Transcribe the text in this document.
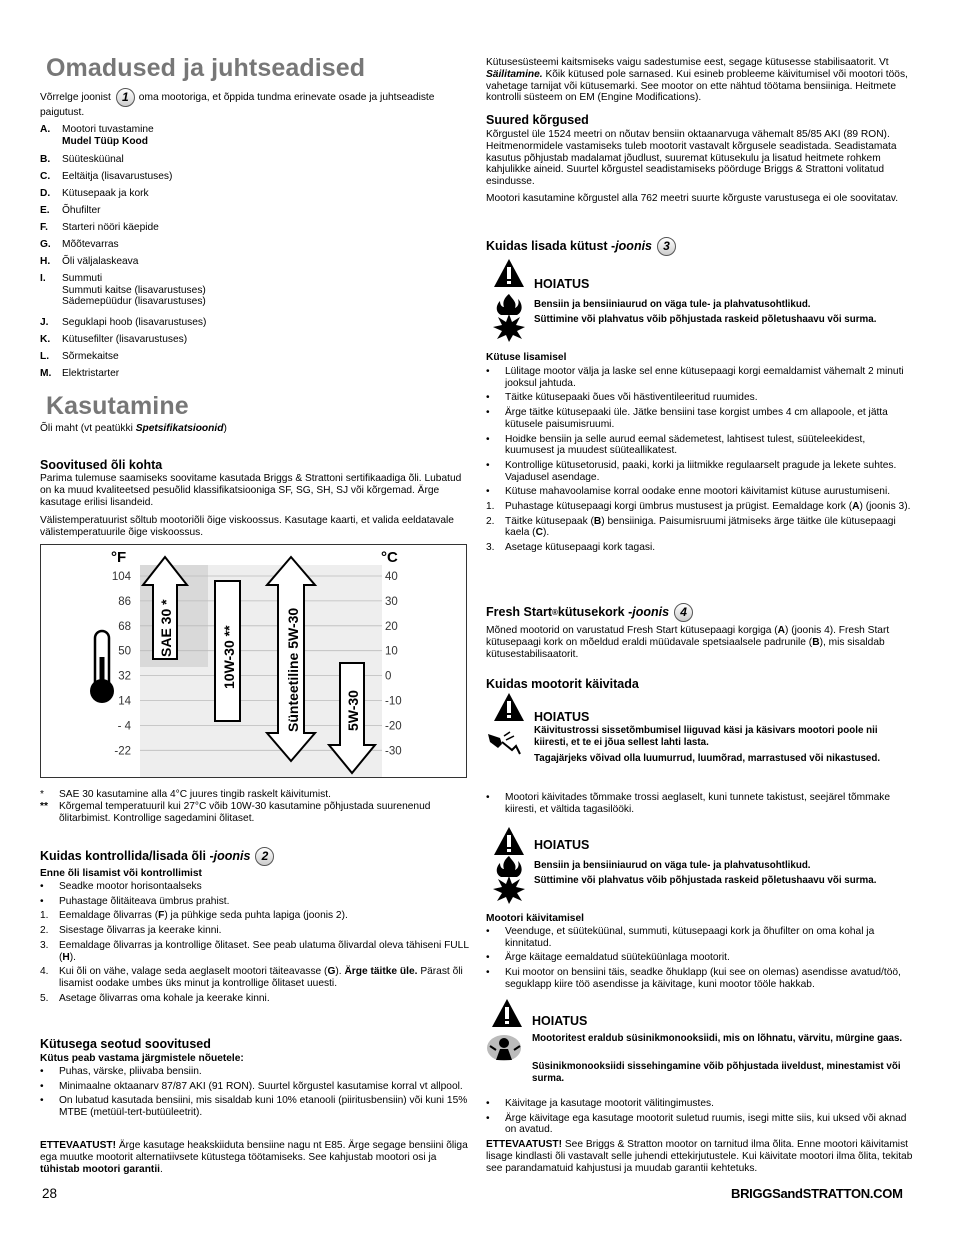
Omadused ja juhtseadised
Võrrelge joonist 1 oma mootoriga, et õppida tundma erinevate osade ja juhtseadiste paigutust.
A.	Mootori tuvastamine
Mudel Tüüp Kood
B.	Süütesküünal
C.	Eeltäitja (lisavarustuses)
D.	Kütusepaak ja kork
E.	Õhufilter
F.	Starteri nööri käepide
G.	Mõõtevarras
H.	Õli väljalaskeava
I.	Summuti
Summuti kaitse (lisavarustuses)
Sädemepüüdur (lisavarustuses)
J.	Seguklapi hoob (lisavarustuses)
K.	Kütusefilter (lisavarustuses)
L.	Sõrmekaitse
M.	Elektristarter
Kasutamine
Õli maht (vt peatükki Spetsifikatsioonid)
Soovitused õli kohta
Parima tulemuse saamiseks soovitame kasutada Briggs & Strattoni sertifikaadiga õli. Lubatud on ka muud kvaliteetsed pesuõlid klassifikatsiooniga SF, SG, SH, SJ või kõrgemad. Ärge kasutage erilisi lisandeid.
Välistemperatuurist sõltub mootoriõli õige viskoossus. Kasutage kaarti, et valida eeldatavale välistemperatuurile õige viskoossus.
104
86
68
50
32
14
- 4
-22
40
30
20
10
0
-10
-20
-30
°F	°C
SAE 30 *	10W-30 **	Sünteetiline 5W-30	5W-30
* SAE 30 kasutamine alla 4°C juures tingib raskelt käivitumist.
**	Kõrgemal temperatuuril kui 27°C võib 10W-30 kasutamine põhjustada suurenenud õlitarbimist. Kontrollige sagedamini õlitaset.
Kuidas kontrollida/lisada õli - joonis 2
Enne õli lisamist või kontrollimist
•	Seadke mootor horisontaalseks
•	Puhastage õlitäiteava ümbrus prahist.
1.	Eemaldage õlivarras (F) ja pühkige seda puhta lapiga (joonis 2).
2.	Sisestage õlivarras ja keerake kinni.
3.	Eemaldage õlivarras ja kontrollige õlitaset. See peab ulatuma õlivardal oleva tähiseni FULL (H).
4.	Kui õli on vähe, valage seda aeglaselt mootori täiteavasse (G). Ärge täitke üle. Pärast õli lisamist oodake umbes üks minut ja kontrollige õlitaset uuesti.
5.	Asetage õlivarras oma kohale ja keerake kinni.
Kütusega seotud soovitused
Kütus peab vastama järgmistele nõuetele:
•	Puhas, värske, pliivaba bensiin.
•	Minimaalne oktaanarv 87/87 AKI (91 RON). Suurtel kõrgustel kasutamise korral vt allpool.
•	On lubatud kasutada bensiini, mis sisaldab kuni 10% etanooli (piiritusbensiin) või kuni 15% MTBE (metüül-tert-butüüleetrit).
ETTEVAATUST! Ärge kasutage heakskiiduta bensiine nagu nt E85. Ärge segage bensiini õliga ega muutke mootorit alternatiivsete kütustega töötamiseks. See kahjustab mootori osi ja tühistab mootori garantii.
Kütusesüsteemi kaitsmiseks vaigu sadestumise eest, segage kütusesse stabilisaatorit. Vt Säilitamine. Kõik kütused pole sarnased. Kui esineb probleeme käivitumisel või mootori töös, vahetage tarnijat või kütusemarki. See mootor on ette nähtud töötama bensiiniga. Heitmete kontrolli süsteem on EM (Engine Modifications).
Suured kõrgused
Kõrgustel üle 1524 meetri on nõutav bensiin oktaanarvuga vähemalt 85/85 AKI (89 RON). Heitmenormidele vastamiseks tuleb mootorit vastavalt kõrgusele seadistada. Seadistamata kasutus põhjustab madalamat jõudlust, suuremat kütusekulu ja lisatud heitmete rohkem kahjulikke aineid. Suurtel kõrgustel seadistamiseks pöörduge Briggs & Strattoni volitatud esindusse.
Mootori kasutamine kõrgustel alla 762 meetri suurte kõrguste varustusega ei ole soovitatav.
Kuidas lisada kütust - joonis 3
HOIATUS
Bensiin ja bensiiniaurud on väga tule- ja plahvatusohtlikud.
Süttimine või plahvatus võib põhjustada raskeid põletushaavu või surma.
Kütuse lisamisel
•	Lülitage mootor välja ja laske sel enne kütusepaagi korgi eemaldamist vähemalt 2 minuti jooksul jahtuda.
•	Täitke kütusepaaki õues või hästiventileeritud ruumides.
•	Ärge täitke kütusepaaki üle. Jätke bensiini tase korgist umbes 4 cm allapoole, et jätta kütusele paisumisruumi.
•	Hoidke bensiin ja selle aurud eemal sädemetest, lahtisest tulest, süüteleekidest, kuumusest ja muudest süüteallikatest.
•	Kontrollige kütusetorusid, paaki, korki ja liitmikke regulaarselt pragude ja lekete suhtes. Vajadusel asendage.
•	Kütuse mahavoolamise korral oodake enne mootori käivitamist kütuse aurustumiseni.
1.	Puhastage kütusepaagi korgi ümbrus mustusest ja prügist. Eemaldage kork (A) (joonis 3).
2.	Täitke kütusepaak (B) bensiiniga. Paisumisruumi jätmiseks ärge täitke üle kütusepaagi kaela (C).
3.	Asetage kütusepaagi kork tagasi.
Fresh Start ® kütusekork - joonis 4
Mõned mootorid on varustatud Fresh Start kütusepaagi korgiga (A) (joonis 4). Fresh Start kütusepaagi kork on mõeldud eraldi müüdavale spetsiaalsele padrunile (B), mis sisaldab kütusestabilisaatorit.
Kuidas mootorit käivitada
HOIATUS
Käivitustrossi sissetõmbumisel liiguvad käsi ja käsivars mootori poole nii kiiresti, et te ei jõua sellest lahti lasta.
Tagajärjeks võivad olla luumurrud, luumõrad, marrastused või nikastused.
•	Mootori käivitades tõmmake trossi aeglaselt, kuni tunnete takistust, seejärel tõmmake kiiresti, et vältida tagasilööki.
HOIATUS
Bensiin ja bensiiniaurud on väga tule- ja plahvatusohtlikud.
Süttimine või plahvatus võib põhjustada raskeid põletushaavu või surma.
Mootori käivitamisel
•	Veenduge, et süüteküünal, summuti, kütusepaagi kork ja õhufilter on oma kohal ja kinnitatud.
•	Ärge käitage eemaldatud süüteküünlaga mootorit.
•	Kui mootor on bensiini täis, seadke õhuklapp (kui see on olemas) asendisse avatud/töö, seguklapp kiire töö asendisse ja käivitage, kuni mootor tööle hakkab.
HOIATUS
Mootoritest eraldub süsinikmonooksiidi, mis on lõhnatu, värvitu, mürgine gaas.
Süsinikmonooksiidi sissehingamine võib põhjustada iiveldust, minestamist või surma.
•	Käivitage ja kasutage mootorit välitingimustes.
•	Ärge käivitage ega kasutage mootorit suletud ruumis, isegi mitte siis, kui uksed või aknad on avatud.
ETTEVAATUST! See Briggs & Stratton mootor on tarnitud ilma õlita. Enne mootori käivitamist lisage kindlasti õli vastavalt selle juhendi ettekirjutustele. Kui käivitate mootori ilma õlita, tekitab see parandamatuid kahjustusi ja muudab garantii kehtetuks.
28	BRIGGSandSTRATTON.COM
